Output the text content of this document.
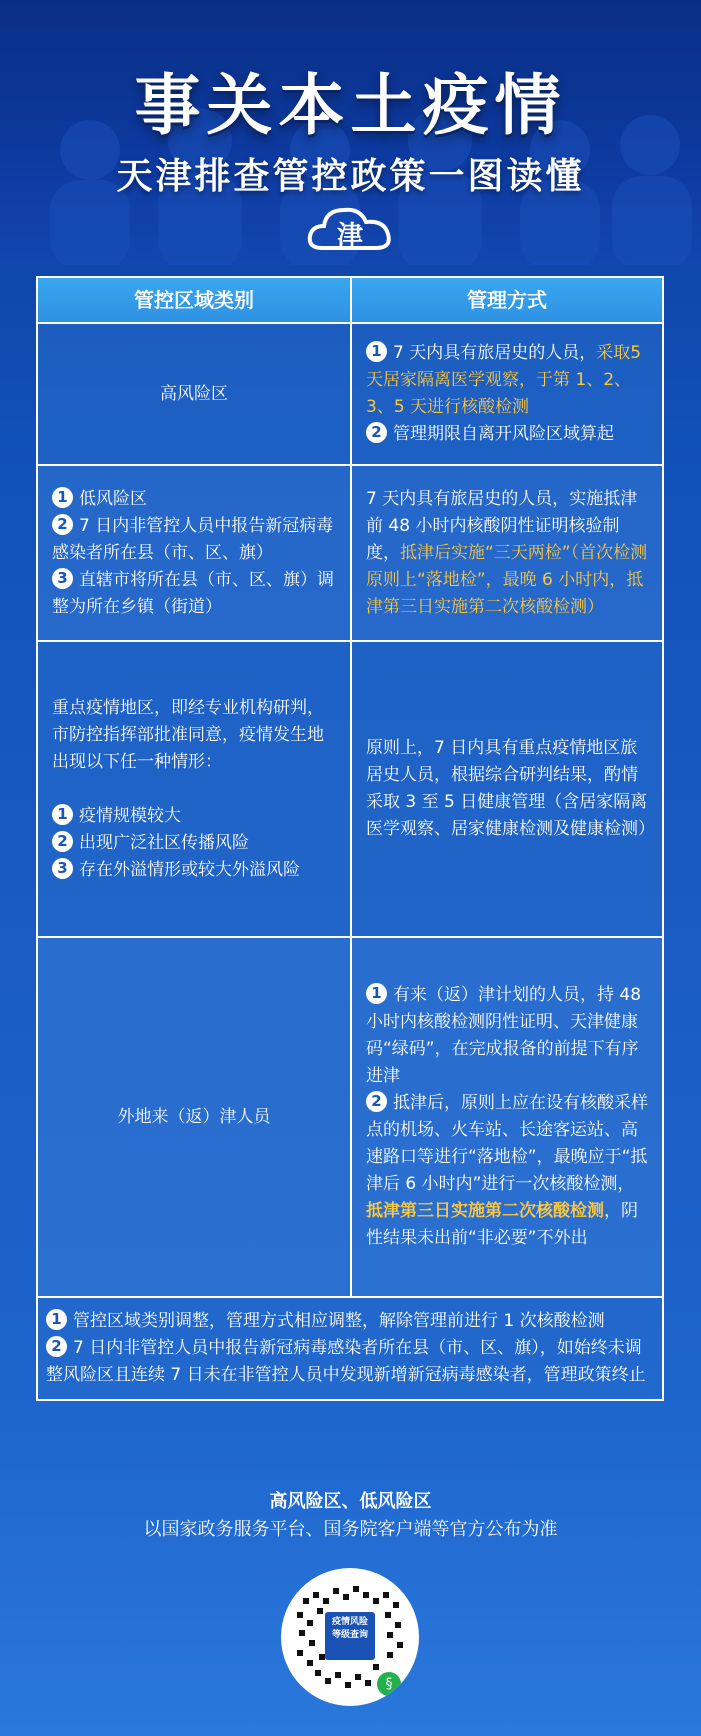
事关本土疫情
天津排查管控政策一图读懂
津
管控区域类别	管理方式
高风险区
1 7 天内具有旅居史的人员，采取5天居家隔离医学观察，于第 1、2、3、5 天进行核酸检测
2 管理期限自离开风险区域算起
1 低风险区
2 7 日内非管控人员中报告新冠病毒感染者所在县（市、区、旗）
3 直辖市将所在县（市、区、旗）调整为所在乡镇（街道）
7 天内具有旅居史的人员，实施抵津前 48 小时内核酸阴性证明核验制度，抵津后实施“三天两检”（首次检测原则上“落地检”，最晚 6 小时内，抵津第三日实施第二次核酸检测）
重点疫情地区，即经专业机构研判，市防控指挥部批准同意，疫情发生地出现以下任一种情形：
1 疫情规模较大
2 出现广泛社区传播风险
3 存在外溢情形或较大外溢风险
原则上，7 日内具有重点疫情地区旅居史人员，根据综合研判结果，酌情采取 3 至 5 日健康管理（含居家隔离医学观察、居家健康检测及健康检测）
外地来（返）津人员
1 有来（返）津计划的人员，持 48 小时内核酸检测阴性证明、天津健康码“绿码”，在完成报备的前提下有序进津
2 抵津后，原则上应在设有核酸采样点的机场、火车站、长途客运站、高速路口等进行“落地检”，最晚应于“抵津后 6 小时内”进行一次核酸检测，抵津第三日实施第二次核酸检测，阴性结果未出前“非必要”不外出
1 管控区域类别调整，管理方式相应调整，解除管理前进行 1 次核酸检测
2 7 日内非管控人员中报告新冠病毒感染者所在县（市、区、旗），如始终未调整风险区且连续 7 日未在非管控人员中发现新增新冠病毒感染者，管理政策终止
高风险区、低风险区
以国家政务服务平台、国务院客户端等官方公布为准
疫情风险
等级查询
§
